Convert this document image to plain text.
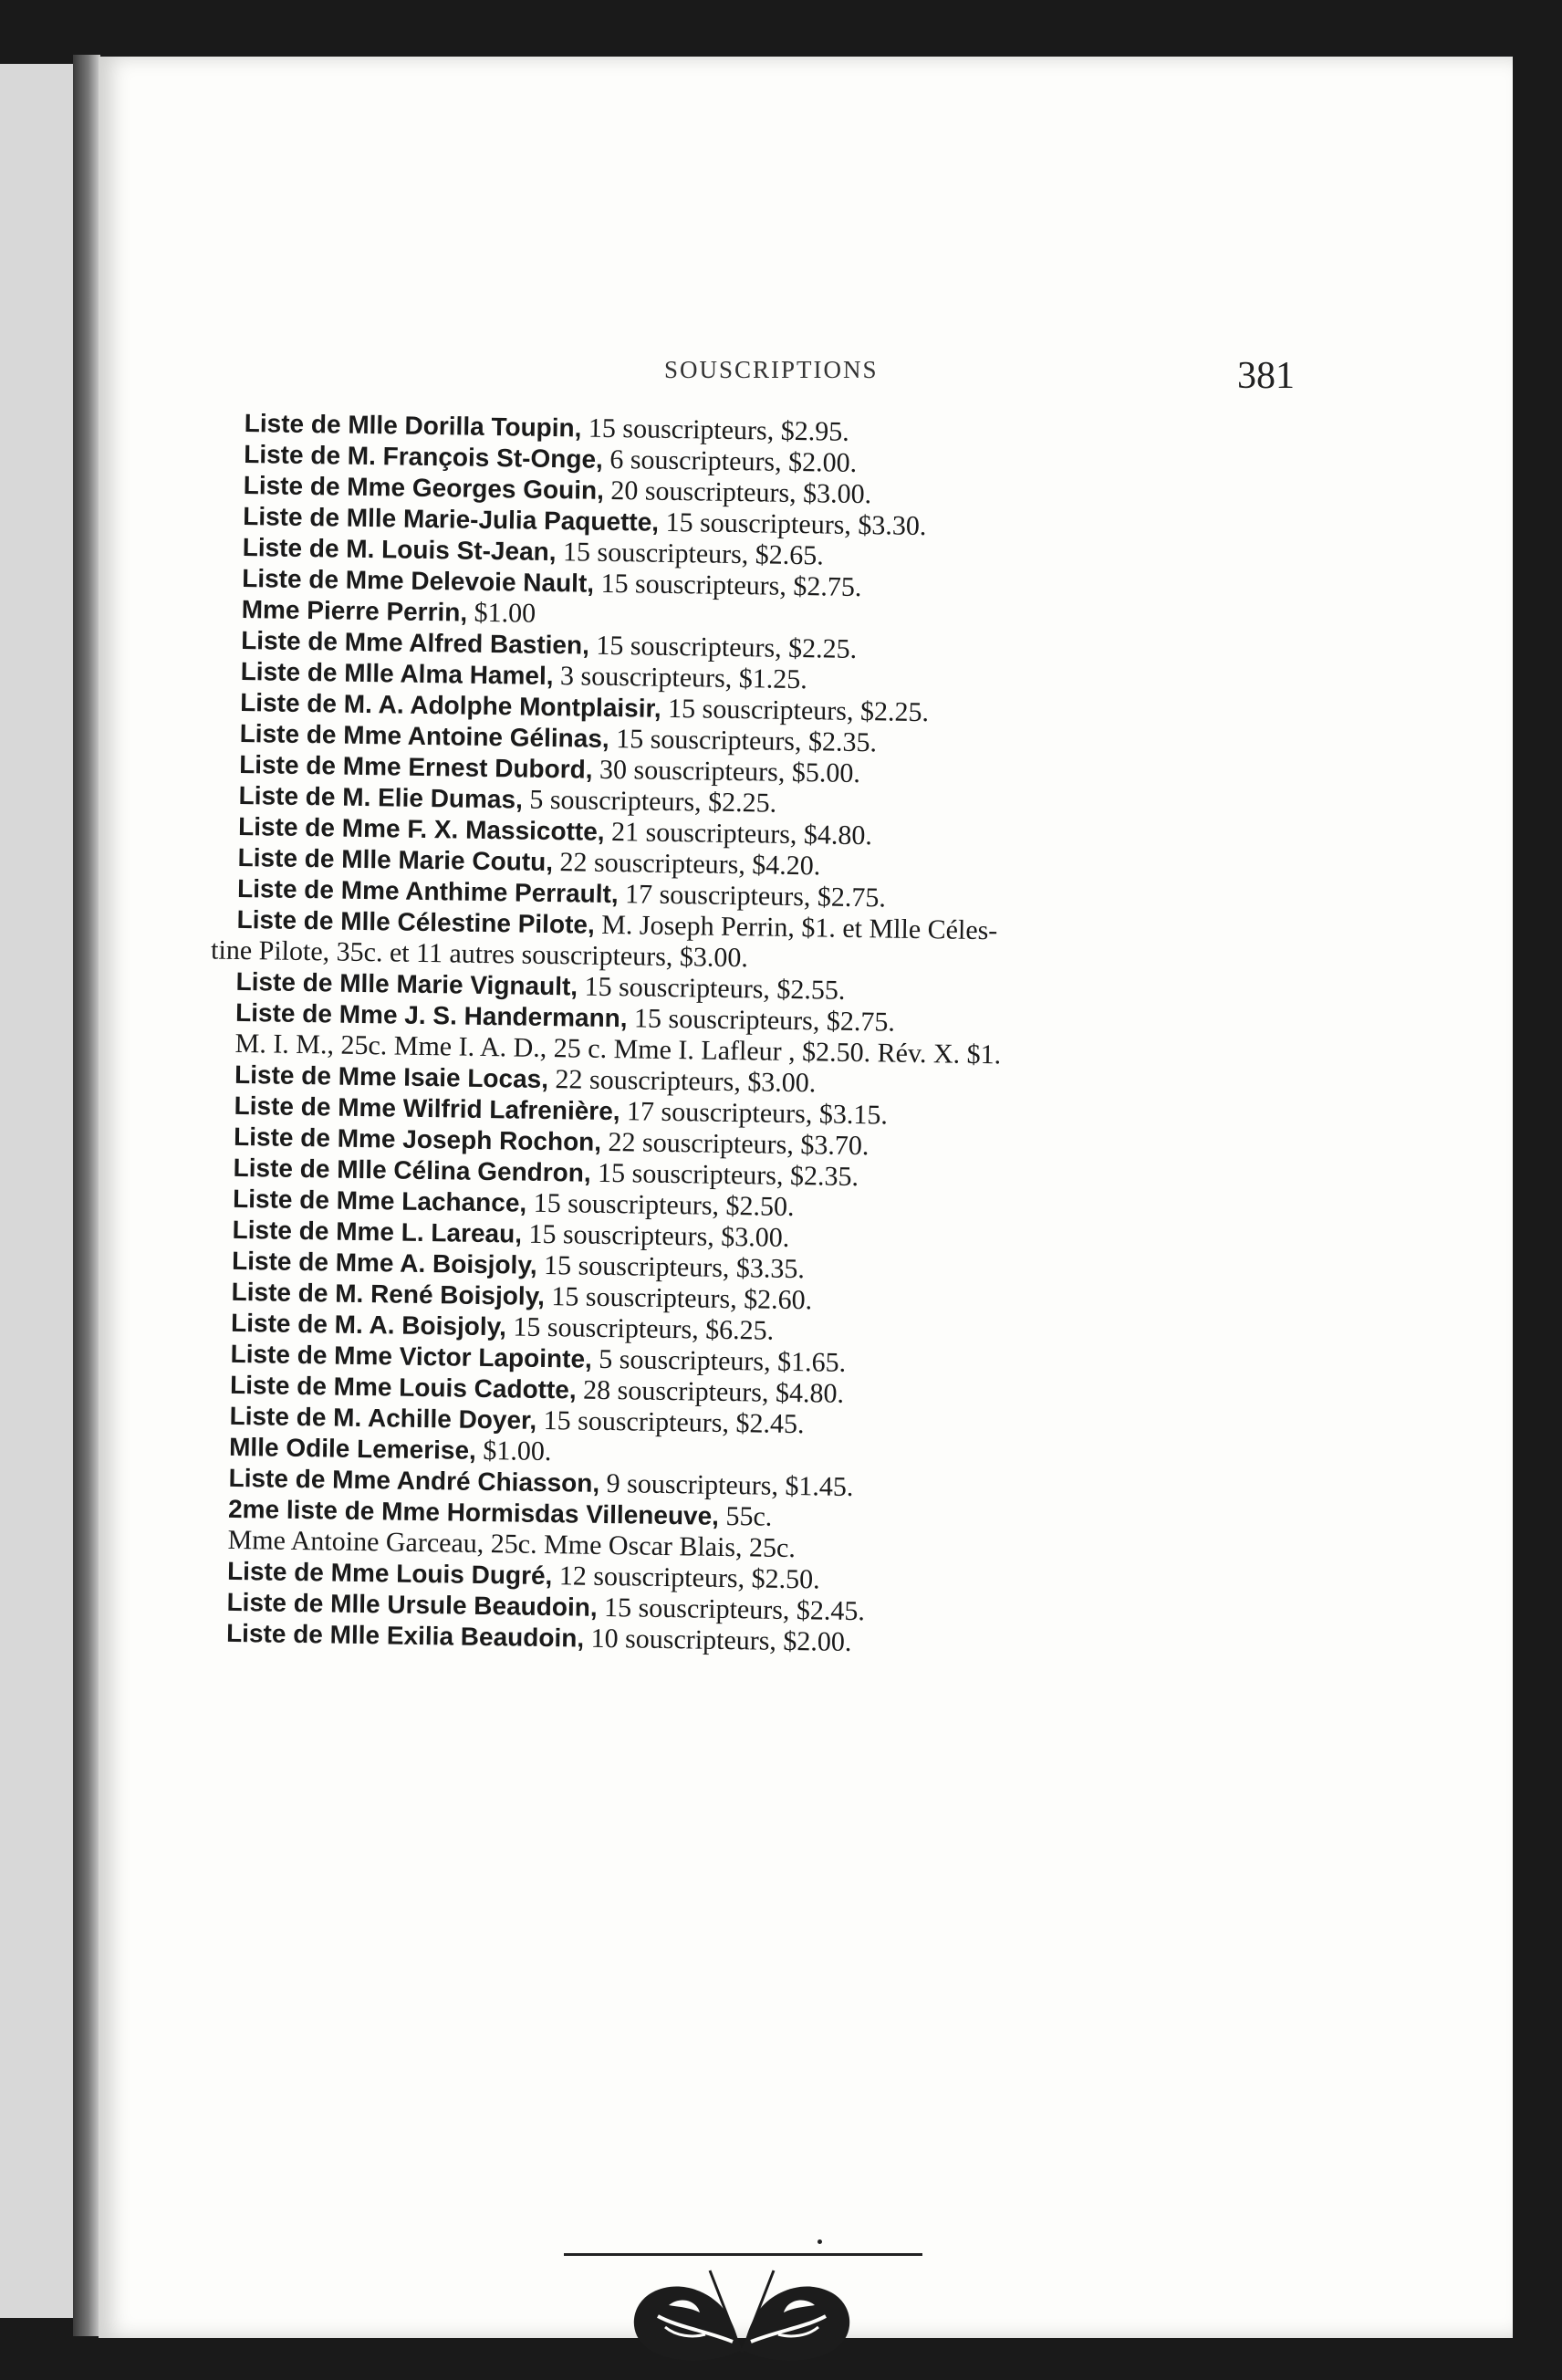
SOUSCRIPTIONS	381
Liste de Mlle Dorilla Toupin, 15 souscripteurs, $2.95.
Liste de M. François St-Onge, 6 souscripteurs, $2.00.
Liste de Mme Georges Gouin, 20 souscripteurs, $3.00.
Liste de Mlle Marie-Julia Paquette, 15 souscripteurs, $3.30.
Liste de M. Louis St-Jean, 15 souscripteurs, $2.65.
Liste de Mme Delevoie Nault, 15 souscripteurs, $2.75.
Mme Pierre Perrin, $1.00
Liste de Mme Alfred Bastien, 15 souscripteurs, $2.25.
Liste de Mlle Alma Hamel, 3 souscripteurs, $1.25.
Liste de M. A. Adolphe Montplaisir, 15 souscripteurs, $2.25.
Liste de Mme Antoine Gélinas, 15 souscripteurs, $2.35.
Liste de Mme Ernest Dubord, 30 souscripteurs, $5.00.
Liste de M. Elie Dumas, 5 souscripteurs, $2.25.
Liste de Mme F. X. Massicotte, 21 souscripteurs, $4.80.
Liste de Mlle Marie Coutu, 22 souscripteurs, $4.20.
Liste de Mme Anthime Perrault, 17 souscripteurs, $2.75.
Liste de Mlle Célestine Pilote, M. Joseph Perrin, $1. et Mlle Céles-
tine Pilote, 35c. et 11 autres souscripteurs, $3.00.
Liste de Mlle Marie Vignault, 15 souscripteurs, $2.55.
Liste de Mme J. S. Handermann, 15 souscripteurs, $2.75.
M. I. M., 25c. Mme I. A. D., 25 c. Mme I. Lafleur , $2.50. Rév. X. $1.
Liste de Mme Isaie Locas, 22 souscripteurs, $3.00.
Liste de Mme Wilfrid Lafrenière, 17 souscripteurs, $3.15.
Liste de Mme Joseph Rochon, 22 souscripteurs, $3.70.
Liste de Mlle Célina Gendron, 15 souscripteurs, $2.35.
Liste de Mme Lachance, 15 souscripteurs, $2.50.
Liste de Mme L. Lareau, 15 souscripteurs, $3.00.
Liste de Mme A. Boisjoly, 15 souscripteurs, $3.35.
Liste de M. René Boisjoly, 15 souscripteurs, $2.60.
Liste de M. A. Boisjoly, 15 souscripteurs, $6.25.
Liste de Mme Victor Lapointe, 5 souscripteurs, $1.65.
Liste de Mme Louis Cadotte, 28 souscripteurs, $4.80.
Liste de M. Achille Doyer, 15 souscripteurs, $2.45.
Mlle Odile Lemerise, $1.00.
Liste de Mme André Chiasson, 9 souscripteurs, $1.45.
2me liste de Mme Hormisdas Villeneuve, 55c.
Mme Antoine Garceau, 25c. Mme Oscar Blais, 25c.
Liste de Mme Louis Dugré, 12 souscripteurs, $2.50.
Liste de Mlle Ursule Beaudoin, 15 souscripteurs, $2.45.
Liste de Mlle Exilia Beaudoin, 10 souscripteurs, $2.00.
